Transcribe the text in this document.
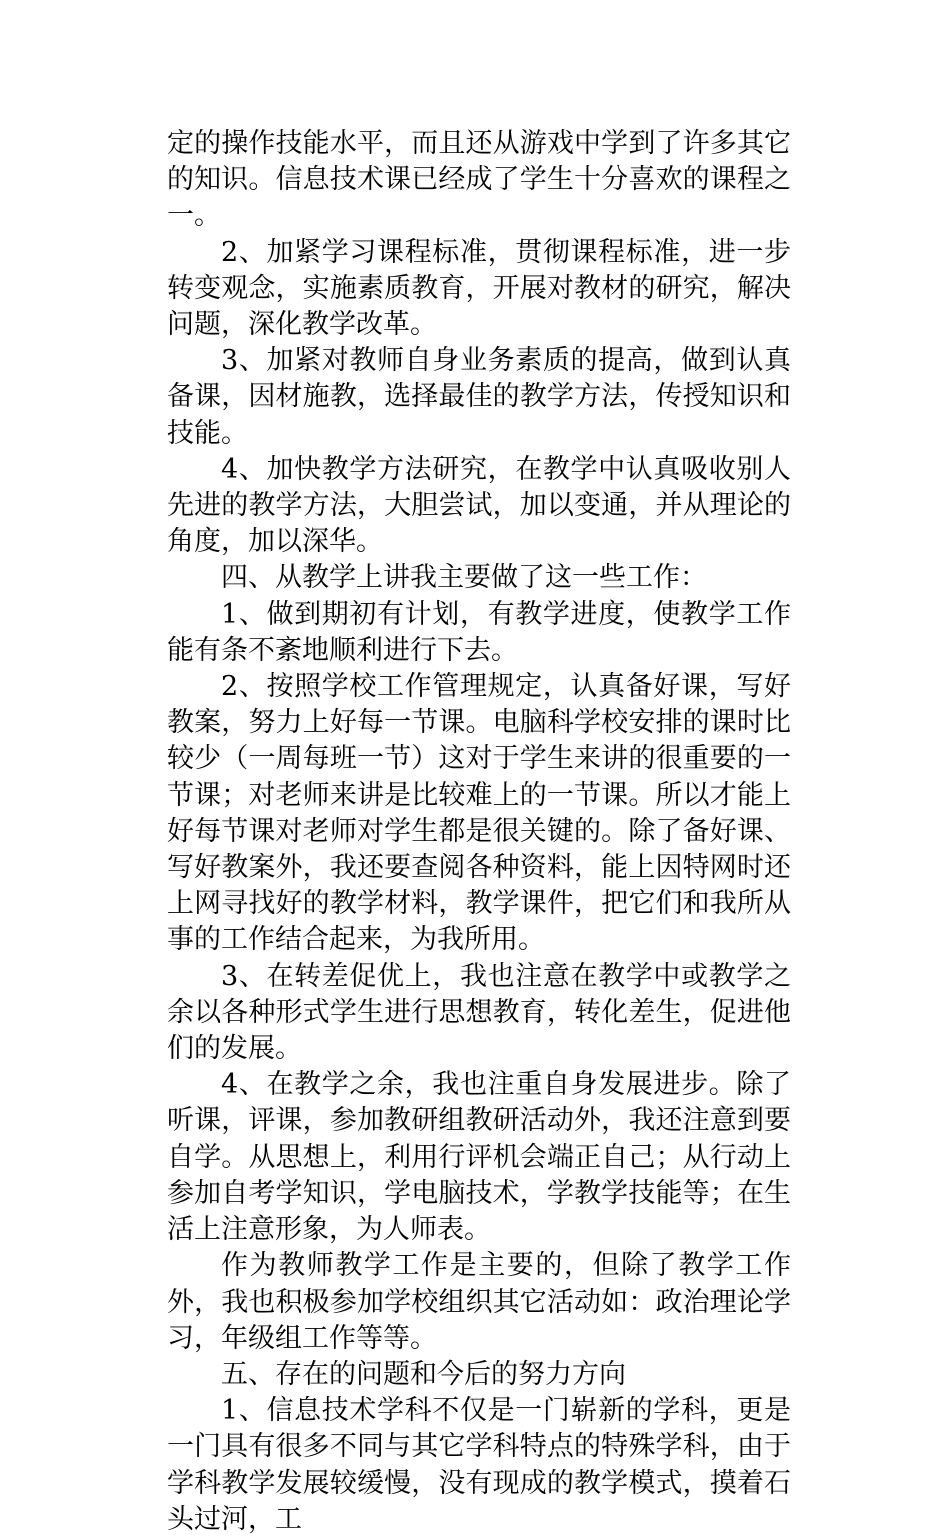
定的操作技能水平，而且还从游戏中学到了许多其它的知识。信息技术课已经成了学生十分喜欢的课程之一。

2、加紧学习课程标准，贯彻课程标准，进一步转变观念，实施素质教育，开展对教材的研究，解决问题，深化教学改革。

3、加紧对教师自身业务素质的提高，做到认真备课，因材施教，选择最佳的教学方法，传授知识和技能。

4、加快教学方法研究，在教学中认真吸收别人先进的教学方法，大胆尝试，加以变通，并从理论的角度，加以深华。

四、从教学上讲我主要做了这一些工作：

1、做到期初有计划，有教学进度，使教学工作能有条不紊地顺利进行下去。

2、按照学校工作管理规定，认真备好课，写好教案，努力上好每一节课。电脑科学校安排的课时比较少（一周每班一节）这对于学生来讲的很重要的一节课；对老师来讲是比较难上的一节课。所以才能上好每节课对老师对学生都是很关键的。除了备好课、写好教案外，我还要查阅各种资料，能上因特网时还上网寻找好的教学材料，教学课件，把它们和我所从事的工作结合起来，为我所用。

3、在转差促优上，我也注意在教学中或教学之余以各种形式学生进行思想教育，转化差生，促进他们的发展。

4、在教学之余，我也注重自身发展进步。除了听课，评课，参加教研组教研活动外，我还注意到要自学。从思想上，利用行评机会端正自己；从行动上参加自考学知识，学电脑技术，学教学技能等；在生活上注意形象，为人师表。

作为教师教学工作是主要的，但除了教学工作外，我也积极参加学校组织其它活动如：政治理论学习，年级组工作等等。

五、存在的问题和今后的努力方向

1、信息技术学科不仅是一门崭新的学科，更是一门具有很多不同与其它学科特点的特殊学科，由于学科教学发展较缓慢，没有现成的教学模式，摸着石头过河，工
